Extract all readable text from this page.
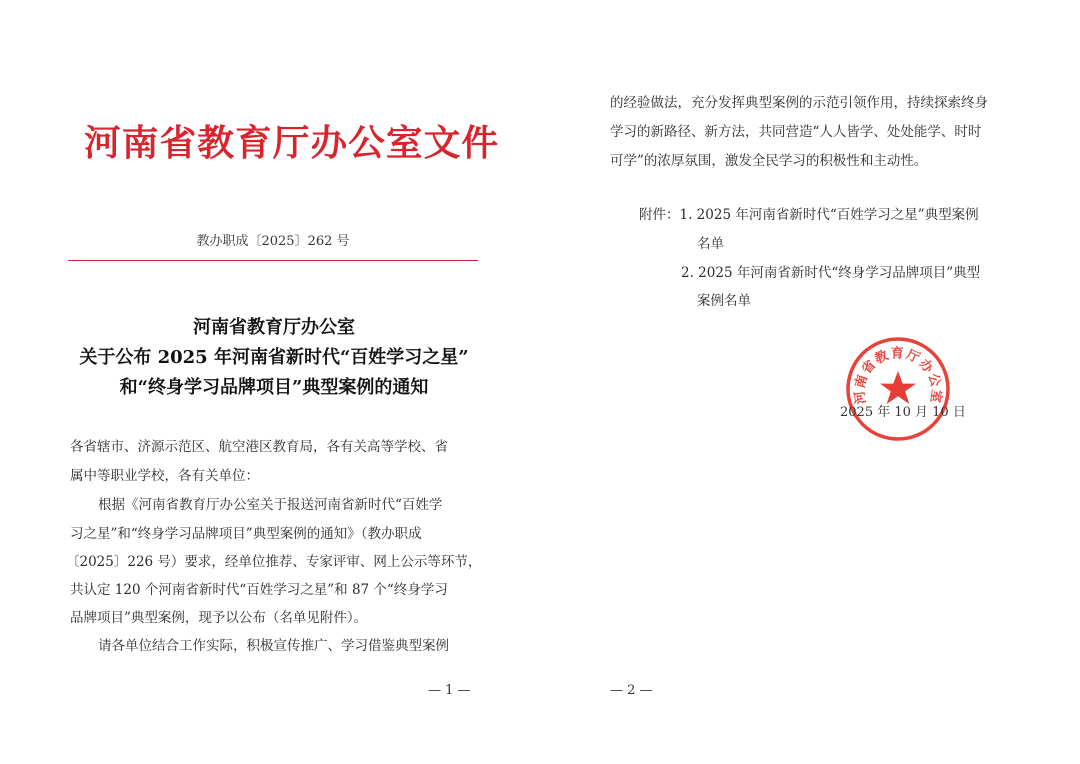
河南省教育厅办公室文件
教办职成〔2025〕262 号
河南省教育厅办公室
关于公布 2025 年河南省新时代“百姓学习之星”
和“终身学习品牌项目”典型案例的通知
各省辖市、济源示范区、航空港区教育局，各有关高等学校、省
属中等职业学校，各有关单位：
根据《河南省教育厅办公室关于报送河南省新时代“百姓学
习之星”和“终身学习品牌项目”典型案例的通知》（教办职成
〔2025〕226 号）要求，经单位推荐、专家评审、网上公示等环节，
共认定 120 个河南省新时代“百姓学习之星”和 87 个“终身学习
品牌项目”典型案例，现予以公布（名单见附件）。
请各单位结合工作实际，积极宣传推广、学习借鉴典型案例
— 1 —
的经验做法，充分发挥典型案例的示范引领作用，持续探索终身
学习的新路径、新方法，共同营造“人人皆学、处处能学、时时
可学”的浓厚氛围，激发全民学习的积极性和主动性。
附件：1. 2025 年河南省新时代“百姓学习之星”典型案例
名单
2. 2025 年河南省新时代“终身学习品牌项目”典型
案例名单
河南省教育厅办公室
2025 年 10 月 10 日
— 2 —
